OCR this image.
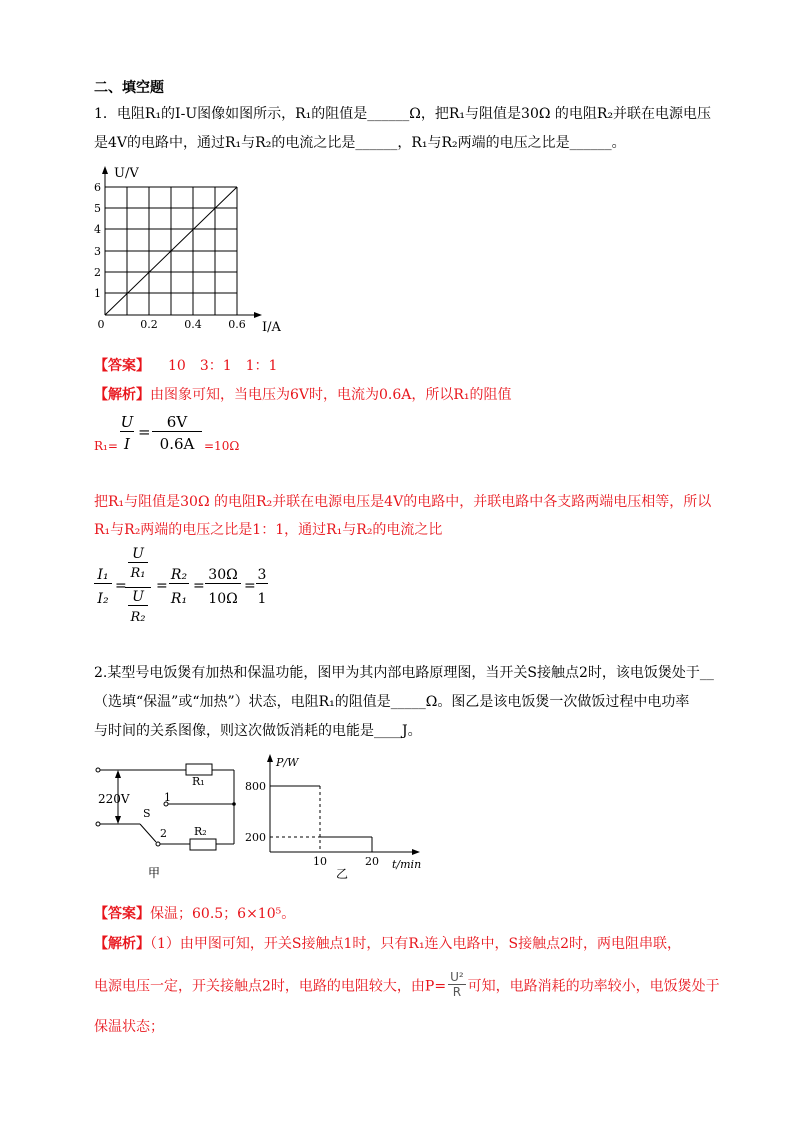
二、填空题
1．电阻R₁的I-U图像如图所示，R₁的阻值是______Ω，把R₁与阻值是30Ω 的电阻R₂并联在电源电压
是4V的电路中，通过R₁与R₂的电流之比是______，R₁与R₂两端的电压之比是______。
U/V
I/A
1
2
3
4
5
6
0	0.2 0.4 0.6
【答案】 10　3：1　1：1
【解析】由图象可知，当电压为6V时，电流为0.6A，所以R₁的阻值
R₁=
U
I
=
6V
0.6A =10Ω
把R₁与阻值是30Ω 的电阻R₂并联在电源电压是4V的电路中，并联电路中各支路两端电压相等，所以
R₁与R₂两端的电压之比是1：1，通过R₁与R₂的电流之比
I₁
I₂
=
U
R₁
U
R₂
=
R₂
R₁
=
30Ω
10Ω
=
3
1
2.某型号电饭煲有加热和保温功能，图甲为其内部电路原理图，当开关S接触点2时，该电饭煲处于__
（选填“保温”或“加热”）状态，电阻R₁的阻值是_____Ω。图乙是该电饭煲一次做饭过程中电功率
与时间的关系图像，则这次做饭消耗的电能是____J。
R₁
R₂
220V
S
1
2
甲
P/W
t/min
800
200
10	20
乙
【答案】保温；60.5；6×10⁵。
【解析】（1）由甲图可知，开关S接触点1时，只有R₁连入电路中，S接触点2时，两电阻串联，
电源电压一定，开关接触点2时，电路的电阻较大，由$P= \frac{\text{U²}}{R}$ 可知，电路消耗的功率较小，电饭煲处于
保温状态；
